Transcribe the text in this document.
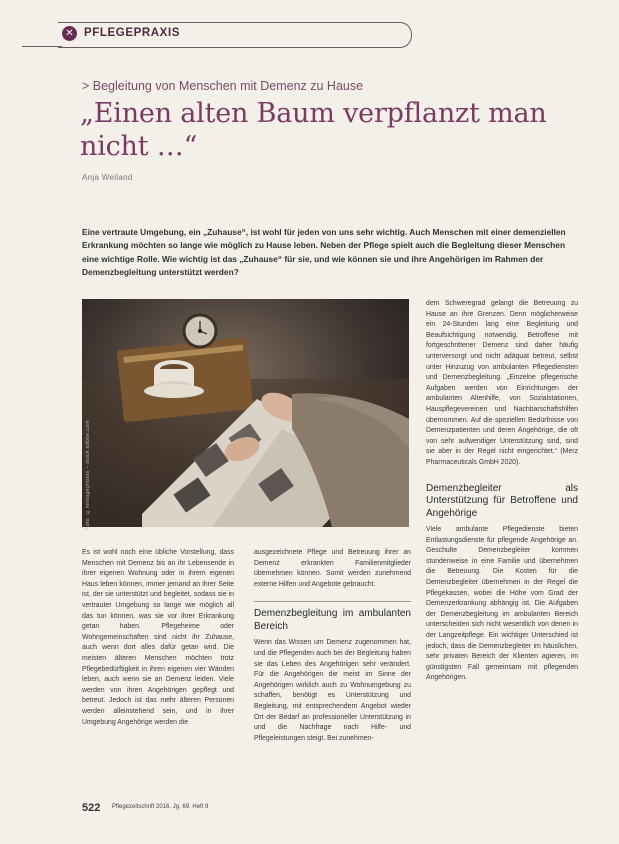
✕ PFLEGEPRAXIS
> Begleitung von Menschen mit Demenz zu Hause
„Einen alten Baum verpflanzt man nicht …“
Anja Weiland
Eine vertraute Umgebung, ein „Zuhause“, ist wohl für jeden von uns sehr wichtig. Auch Menschen mit einer demenziellen Erkrankung möchten so lange wie möglich zu Hause leben. Neben der Pflege spielt auch die Begleitung dieser Menschen eine wichtige Rolle. Wie wichtig ist das „Zuhause“ für sie, und wie können sie und ihre Angehörigen im Rahmen der Demenzbegleitung unterstützt werden?
Foto: ©mimagephotos – stock.adobe.com

Es ist wohl noch eine übliche Vorstellung, dass Menschen mit Demenz bis an ihr Lebensende in ihrer eigenen Wohnung oder in ihrem eigenen Haus leben können, immer jemand an ihrer Seite ist, der sie unterstützt und begleitet, sodass sie in vertrauter Umgebung so lange wie möglich all das tun können, was sie vor ihrer Erkrankung getan haben. Pflegeheime oder Wohngemeinschaften sind nicht ihr Zuhause, auch wenn dort alles dafür getan wird. Die meisten älteren Menschen möchten trotz Pflegebedürftigkeit in ihren eigenen vier Wänden leben, auch wenn sie an Demenz leiden. Viele werden von ihren Angehörigen gepflegt und betreut. Jedoch ist das mehr älteren Personen werden alleinstehend sein, und in ihrer Umgebung Angehörige werden die

ausgezeichnete Pflege und Betreuung ihrer an Demenz erkrankten Familienmitglieder übernehmen können. Somit werden zunehmend externe Hilfen und Angebote gebraucht.

Demenzbegleitung im ambulanten Bereich

Wenn das Wissen um Demenz zugenommen hat, und die Pflegenden auch bei der Begleitung haben sie das Leben des Angehörigen sehr verändert. Für die Angehörigen die meist im Sinne der Angehörigen wirklich auch zu Wohnumgebung zu schaffen, benötigt es Unterstützung und Begleitung, mit entsprechendem Angebot wieder Ort der Bedarf an professioneller Unterstützung in und die Nachfrage nach Hilfe- und Pflegeleistungen steigt. Bei zunehmen-

dem Schweregrad gelangt die Betreuung zu Hause an ihre Grenzen. Denn möglicherweise ein 24-Stunden lang eine Begleitung und Beaufsichtigung notwendig. Betroffene mit fortgeschrittener Demenz sind daher häufig unterversorgt und nicht adäquat betreut, selbst unter Hinzuzug von ambulanten Pflegediensten und Demenzbegleitung. „Einzelne pflegerische Aufgaben werden von Einrichtungen der ambulanten Altenhilfe, von Sozialstationen, Hauspflegevereinen und Nachbarschaftshilfen übernommen. Auf die speziellen Bedürfnisse von Demenzpatienten und deren Angehörige, die oft von sehr aufwendiger Unterstützung sind, sind sie aber in der Regel nicht eingerichtet.“ (Merz Pharmaceuticals GmbH 2020).

Demenzbegleiter als Unterstützung für Betroffene und Angehörige

Viele ambulante Pflegedienste bieten Entlastungsdienste für pflegende Angehörige an. Geschulte Demenzbegleiter kommen stundenweise in eine Familie und übernehmen die Betreuung. Die Kosten für die Demenzbegleiter übernehmen in der Regel die Pflegekassen, wobei die Höhe vom Grad der Demenzerkrankung abhängig ist. Die Aufgaben der Demenzbegleitung im ambulanten Bereich unterscheiden sich nicht wesentlich von denen in der Langzeitpflege. Ein wichtiger Unterschied ist jedoch, dass die Demenzbegleiter im häuslichen, sehr privaten Bereich der Klienten agieren, im günstigsten Fall gemeinsam mit pflegenden Angehörigen.

522 Pflegezeitschrift 2016, Jg. 69, Heft 9
